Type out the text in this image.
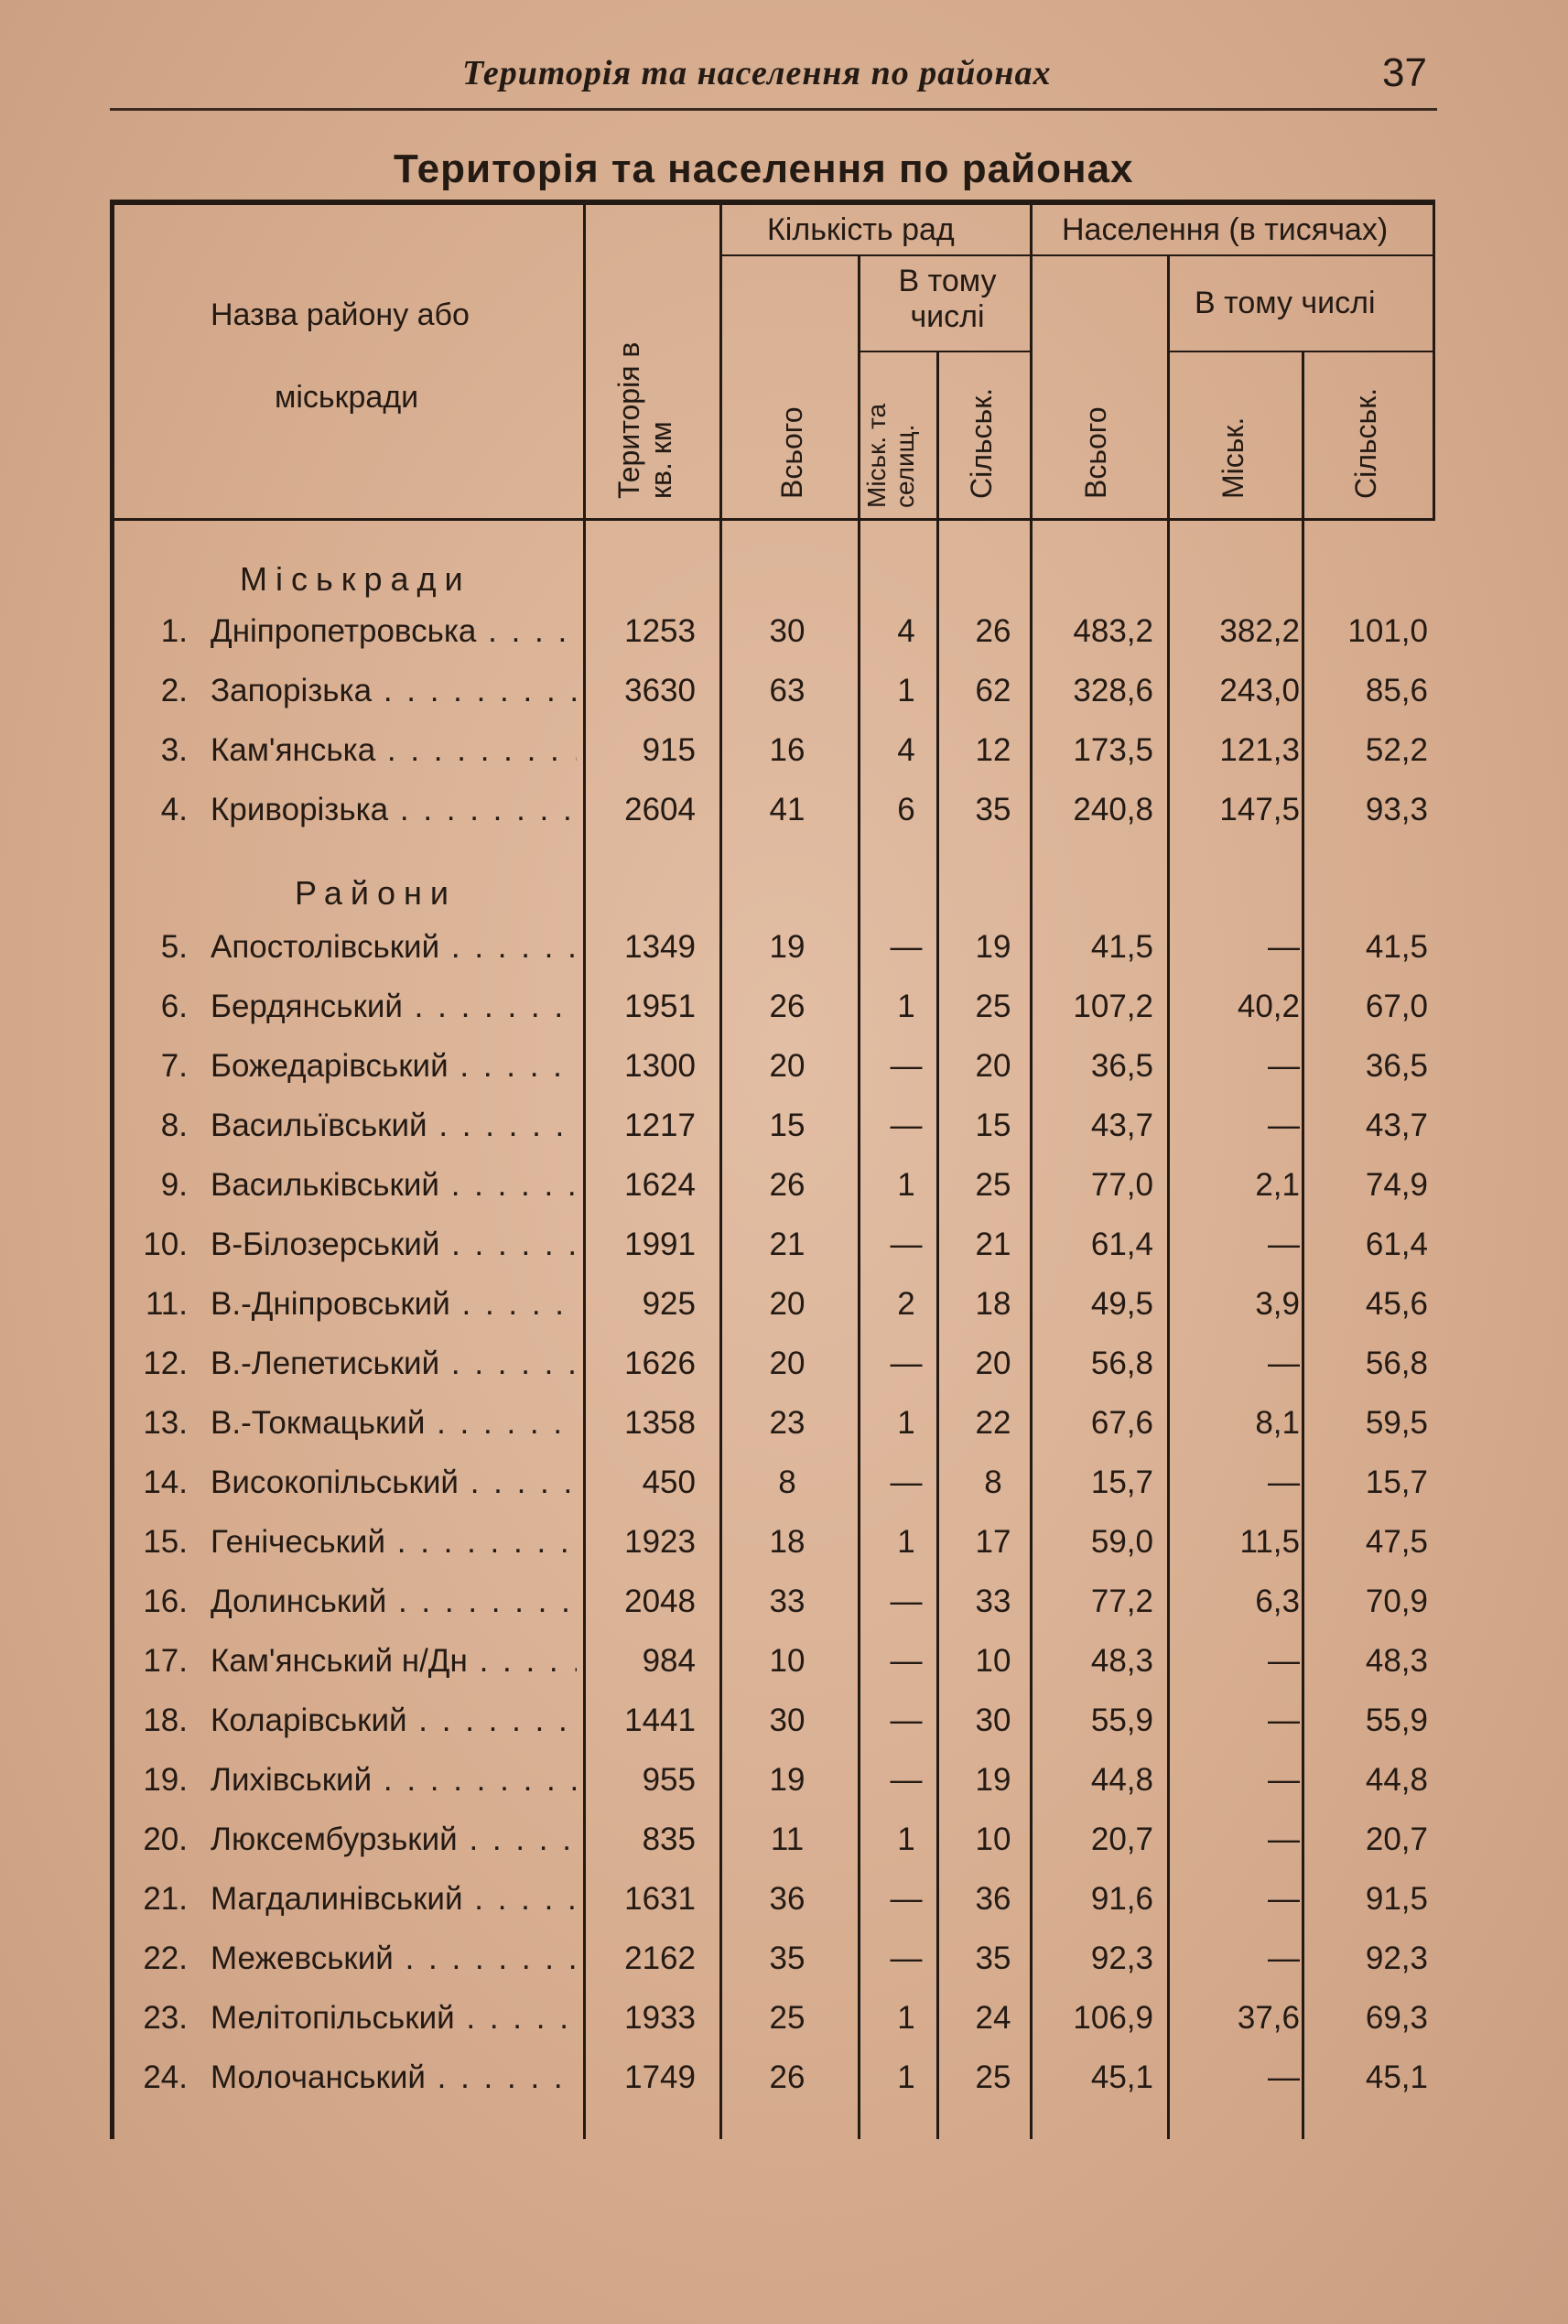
Територія та населення по районах	37
Територія та населення по районах
Назва району або
міськради	Територія в кв. км
Кількість рад
Всього
В тому числі
Міськ. та селищ. Сільськ.
Населення (в тисячах)
Всього
В тому числі
Міськ.	Сільськ.
Міськради
Райони
1. Дніпропетровська . . .	1253	30	4	26	483,2	382,2	101,0
2. Запорізька . . .	3630	63	1	62	328,6	243,0	85,6
3. Кам'янська . . .	915	16	4	12	173,5	121,3	52,2
4. Криворізька . . .	2604	41	6	35	240,8	147,5	93,3
5. Апостолівський . . .	1349	19	—	19	41,5	—	41,5
6. Бердянський . . .	1951	26	1	25	107,2	40,2	67,0
7. Божедарівський . . .	1300	20	—	20	36,5	—	36,5
8. Васильївський . . .	1217	15	—	15	43,7	—	43,7
9. Васильківський . . .	1624	26	1	25	77,0	2,1	74,9
10. В-Білозерський . . .	1991	21	—	21	61,4	—	61,4
11. В.-Дніпровський . . .	925	20	2	18	49,5	3,9	45,6
12. В.-Лепетиський . . .	1626	20	—	20	56,8	—	56,8
13. В.-Токмацький . . .	1358	23	1	22	67,6	8,1	59,5
14. Високопільський . . .	450	8	—	8	15,7	—	15,7
15. Генічеський . . .	1923	18	1	17	59,0	11,5	47,5
16. Долинський . . .	2048	33	—	33	77,2	6,3	70,9
17. Кам'янський н/Дн . . .	984	10	—	10	48,3	—	48,3
18. Коларівський . . .	1441	30	—	30	55,9	—	55,9
19. Лихівський . . .	955	19	—	19	44,8	—	44,8
20. Люксембурзький . . .	835	11	1	10	20,7	—	20,7
21. Магдалинівський . . .	1631	36	—	36	91,6	—	91,5
22. Межевський . . .	2162	35	—	35	92,3	—	92,3
23. Мелітопільський . . .	1933	25	1	24	106,9	37,6	69,3
24. Молочанський . . .	1749	26	1	25	45,1	—	45,1
